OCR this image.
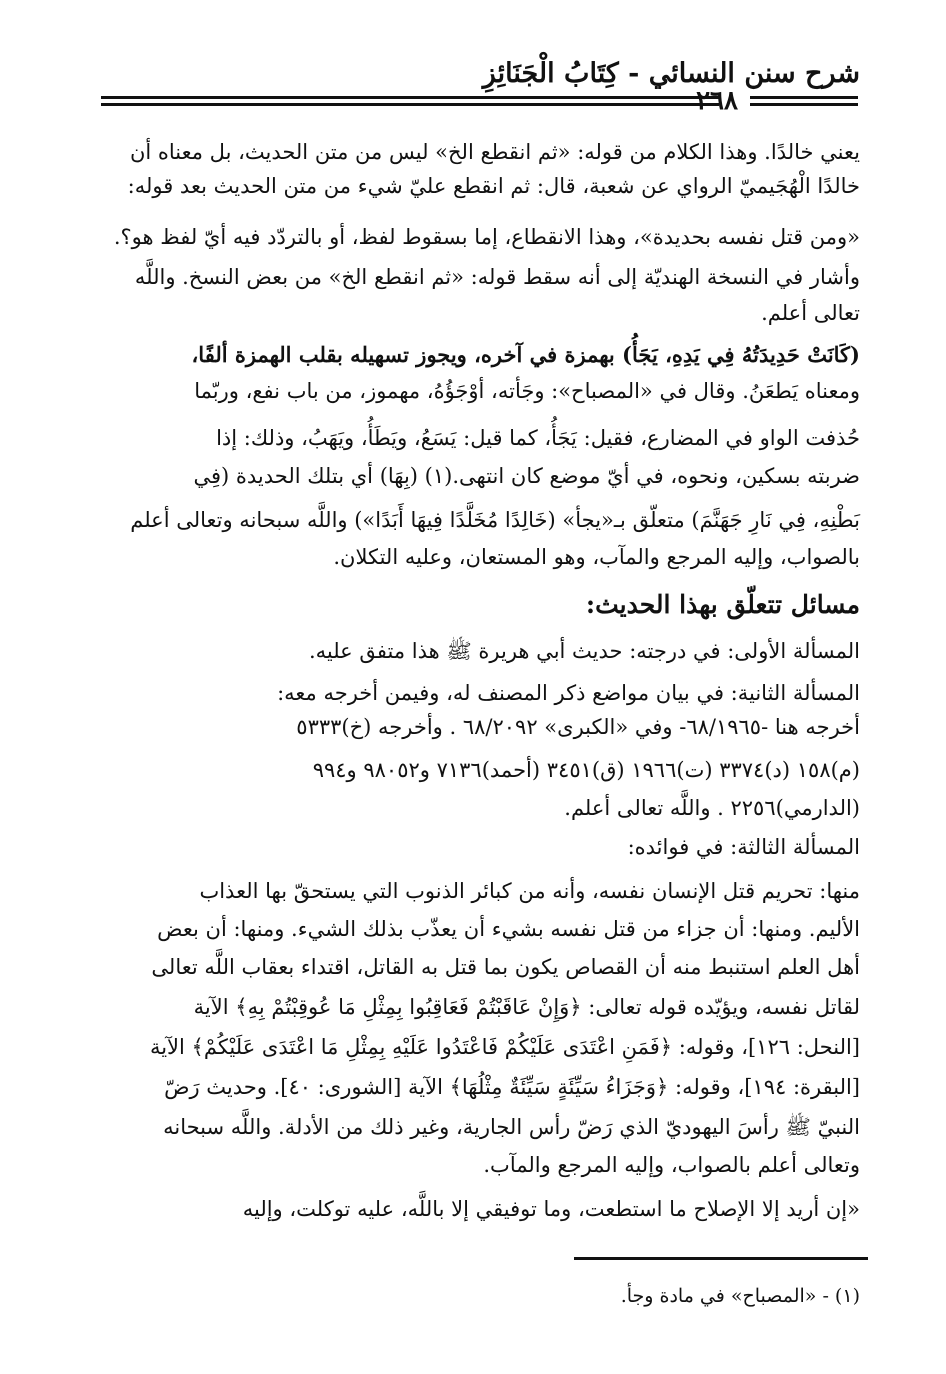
شرح سنن النسائي - كِتَابُ الْجَنَائِزِ
٢٦٨
يعني خالدًا. وهذا الكلام من قوله: «ثم انقطع الخ» ليس من متن الحديث، بل معناه أن
خالدًا الْهُجَيميّ الرواي عن شعبة، قال: ثم انقطع عليّ شيء من متن الحديث بعد قوله:
«ومن قتل نفسه بحديدة»، وهذا الانقطاع، إما بسقوط لفظ، أو بالتردّد فيه أيّ لفظ هو؟.
وأشار في النسخة الهنديّة إلى أنه سقط قوله: «ثم انقطع الخ» من بعض النسخ. واللَّه
تعالى أعلم.
(كَانَتْ حَدِيدَتُهُ فِي يَدِهِ، يَجَأُ) بهمزة في آخره، ويجوز تسهيله بقلب الهمزة ألفًا،
ومعناه يَطعَنُ. وقال في «المصباح»: وجَأته، أوْجَؤُهُ، مهموز، من باب نفع، وربّما
حُذفت الواو في المضارع، فقيل: يَجَأُ، كما قيل: يَسَعُ، ويَطَأُ، ويَهَبُ، وذلك: إذا
ضربته بسكين، ونحوه، في أيّ موضع كان انتهى.(١) (بِهَا) أي بتلك الحديدة (فِي
بَطْنِهِ، فِي نَارِ جَهَنَّمَ) متعلّق بـ«يجأ» (خَالِدًا مُخَلَّدًا فِيهَا أَبَدًا») واللَّه سبحانه وتعالى أعلم
بالصواب، وإليه المرجع والمآب، وهو المستعان، وعليه التكلان.
مسائل تتعلّق بهذا الحديث:
المسألة الأولى: في درجته: حديث أبي هريرة ﷺ هذا متفق عليه.
المسألة الثانية: في بيان مواضع ذكر المصنف له، وفيمن أخرجه معه:
أخرجه هنا -٦٨/١٩٦٥- وفي «الكبرى» ٦٨/٢٠٩٢ . وأخرجه (خ)٥٣٣٣
(م)١٥٨ (د)٣٣٧٤ (ت)١٩٦٦ (ق)٣٤٥١ (أحمد)٧١٣٦ و٩٨٠٥٢ و٩٩٤
(الدارمي)٢٢٥٦ . واللَّه تعالى أعلم.
المسألة الثالثة: في فوائده:
منها: تحريم قتل الإنسان نفسه، وأنه من كبائر الذنوب التي يستحقّ بها العذاب
الأليم. ومنها: أن جزاء من قتل نفسه بشيء أن يعذّب بذلك الشيء. ومنها: أن بعض
أهل العلم استنبط منه أن القصاص يكون بما قتل به القاتل، اقتداء بعقاب اللَّه تعالى
لقاتل نفسه، ويؤيّده قوله تعالى: ﴿وَإِنْ عَاقَبْتُمْ فَعَاقِبُوا بِمِثْلِ مَا عُوقِبْتُمْ بِهِ﴾ الآية
[النحل: ١٢٦]، وقوله: ﴿فَمَنِ اعْتَدَى عَلَيْكُمْ فَاعْتَدُوا عَلَيْهِ بِمِثْلِ مَا اعْتَدَى عَلَيْكُمْ﴾ الآية
[البقرة: ١٩٤]، وقوله: ﴿وَجَزَاءُ سَيِّئَةٍ سَيِّئَةٌ مِثْلُهَا﴾ الآية [الشورى: ٤٠]. وحديث رَضّ
النبيّ ﷺ رأسَ اليهوديّ الذي رَضّ رأس الجارية، وغير ذلك من الأدلة. واللَّه سبحانه
وتعالى أعلم بالصواب، وإليه المرجع والمآب.
«إن أريد إلا الإصلاح ما استطعت، وما توفيقي إلا باللَّه، عليه توكلت، وإليه
(١) - «المصباح» في مادة وجأ.
